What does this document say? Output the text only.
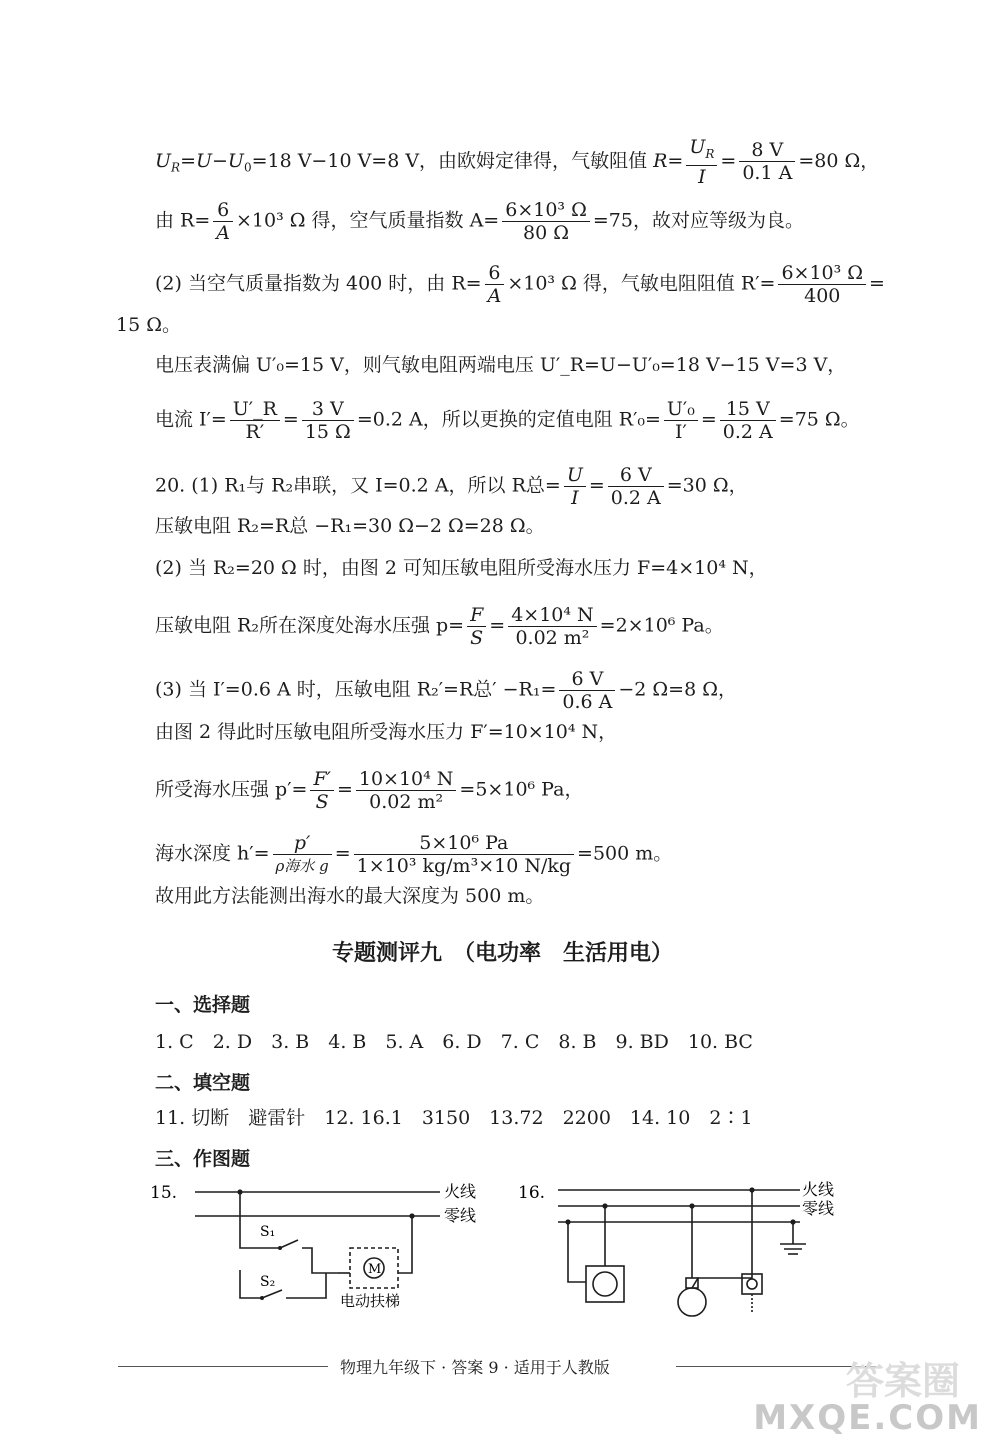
$U_R=U-U_0=18$ V−10 V=8 V，由欧姆定律得，气敏阻值 $R= \frac{U_R}{I} = \frac{8 V}{0.1 A} =80$ Ω，
由 $R= \frac{6}{A} \times 10^3$ Ω 得，空气质量指数 $A= \frac{\text{6×10³ Ω}}{80 \Omega} =75$，故对应等级为良。
(2) 当空气质量指数为 400 时，由 $R= \frac{6}{A} \times 10^3$ Ω 得，气敏电阻阻值 $R'= \frac{\text{6×10³ Ω}}{400}$ =
15 Ω。
电压表满偏 U′₀=15 V，则气敏电阻两端电压 U′_R=U−U′₀=18 V−15 V=3 V，
电流 $I'= \frac{U'\_R}{R'} = \frac{3 V}{15 \Omega} =0.2$ A，所以更换的定值电阻 $R'_0= \frac{\text{U′₀}}{I'} = \frac{15 V}{0.2 A} =75$ Ω。
20. (1) R₁与 R₂串联，又 I=0.2 A，所以 R总= $\frac{U}{I} = \frac{6 V}{0.2 A} =30$ Ω，
压敏电阻 R₂=R总 −R₁=30 Ω−2 Ω=28 Ω。
(2) 当 R₂=20 Ω 时，由图 2 可知压敏电阻所受海水压力 F=4×10⁴ N，
压敏电阻 R₂所在深度处海水压强 $p= \frac{F}{S} = \frac{\text{4×10⁴ N}}{\text{0.02 m²}} =2\times 10^6$ Pa。
(3) 当 I′=0.6 A 时，压敏电阻 R₂′=R总′ $-R_1= \frac{6 V}{0.6 A} -2$ Ω=8 Ω，
由图 2 得此时压敏电阻所受海水压力 F′=10×10⁴ N，
所受海水压强 $p'= \frac{F'}{S} = \frac{\text{10×10⁴ N}}{\text{0.02 m²}} =5\times 10^6$ Pa，
海水深度 $h'= \frac{p'}{\text{ρ海水 g}} = \frac{\text{5×10⁶ Pa}}{\text{1×10³ kg/m³×10 N/kg}} =500$ m。
故用此方法能测出海水的最大深度为 500 m。
专题测评九　（电功率　生活用电）
一、选择题
1. C　2. D　3. B　4. B　5. A　6. D　7. C　8. B　9. BD　10. BC
二、填空题
11. 切断　避雷针　12. 16.1　3150　13.72　2200　14. 10　2∶1
三、作图题
15.	火线
零线
S₁
S₂
M
电动扶梯
16.	火线
零线
物理九年级下 · 答案 9 · 适用于人教版	答案圈
MXQE.COM
